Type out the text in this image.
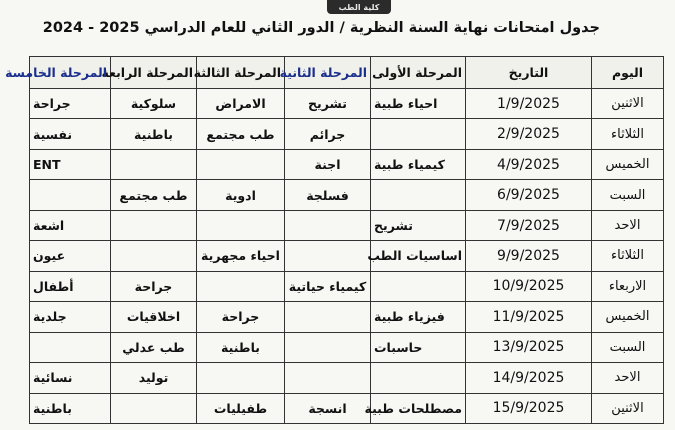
كلية الطب
جدول امتحانات نهاية السنة النظرية / الدور الثاني للعام الدراسي 2025 - 2024
اليوم	التاريخ	المرحلة الأولى	المرحلة الثانية	المرحلة الثالثة	المرحلة الرابعة	المرحلة الخامسة
الاثنين	1/9/2025	احياء طبية	تشريح	الامراض	سلوكية	جراحة
الثلاثاء	2/9/2025		جرائم	طب مجتمع	باطنية	نفسية
الخميس	4/9/2025	كيمياء طبية	اجنة			ENT
السبت	6/9/2025		فسلجة	ادوية	طب مجتمع	
الاحد	7/9/2025	تشريح				اشعة
الثلاثاء	9/9/2025	اساسيات الطب		احياء مجهرية		عيون
الاربعاء	10/9/2025		كيمياء حياتية		جراحة	أطفال
الخميس	11/9/2025	فيزياء طبية		جراحة	اخلاقيات	جلدية
السبت	13/9/2025	حاسبات		باطنية	طب عدلي	
الاحد	14/9/2025				توليد	نسائية
الاثنين	15/9/2025	مصطلحات طبية	انسجة	طفيليات		باطنية
